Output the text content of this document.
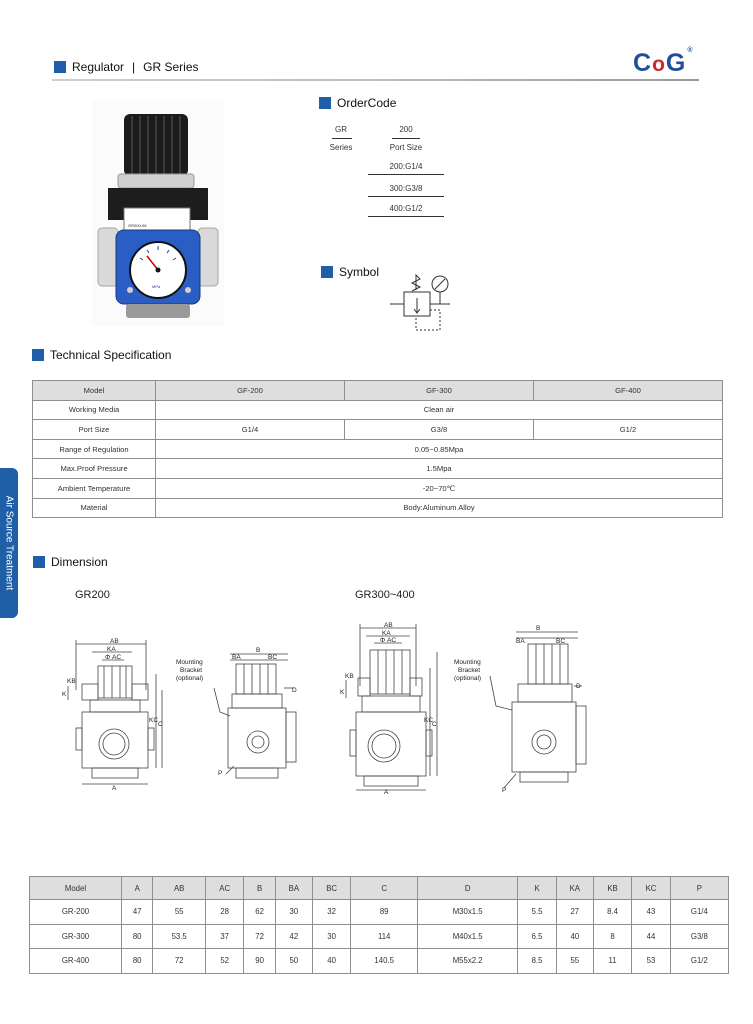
Regulator | GR Series	CoG®
GR200-06
MPa
OrderCode
GR
Series
200
Port Size
200:G1/4
300:G3/8
400:G1/2
Symbol
Technical Specification
Model	GF-200	GF-300	GF-400
Working Media	Clean air		
Port Size	G1/4	G3/8	G1/2
Range of Regulation	0.05~0.85Mpa		
Max.Proof Pressure	1.5Mpa		
Ambient Temperature	-20~70℃		
Material	Body:Aluminum Alloy		
Air Source Treatment	Dimension
GR200	GR300~400
AB
KA
Φ AC
KB
K
KC
C
A
Mounting
Bracket
(optional)
B
BA	BC
D
P
AB
KA
Φ AC
KB
K
KC
C
A
Mounting
Bracket
(optional)
B
BA	BC
D
P
Model	A	AB	AC	B	BA	BC	C	D	K	KA	KB	KC	P
GR-200	47	55	28	62	30	32	89	M30x1.5	5.5	27	8.4	43	G1/4
GR-300	80	53.5	37	72	42	30	114	M40x1.5	6.5	40	8	44	G3/8
GR-400	80	72	52	90	50	40	140.5	M55x2.2	8.5	55	11	53	G1/2
